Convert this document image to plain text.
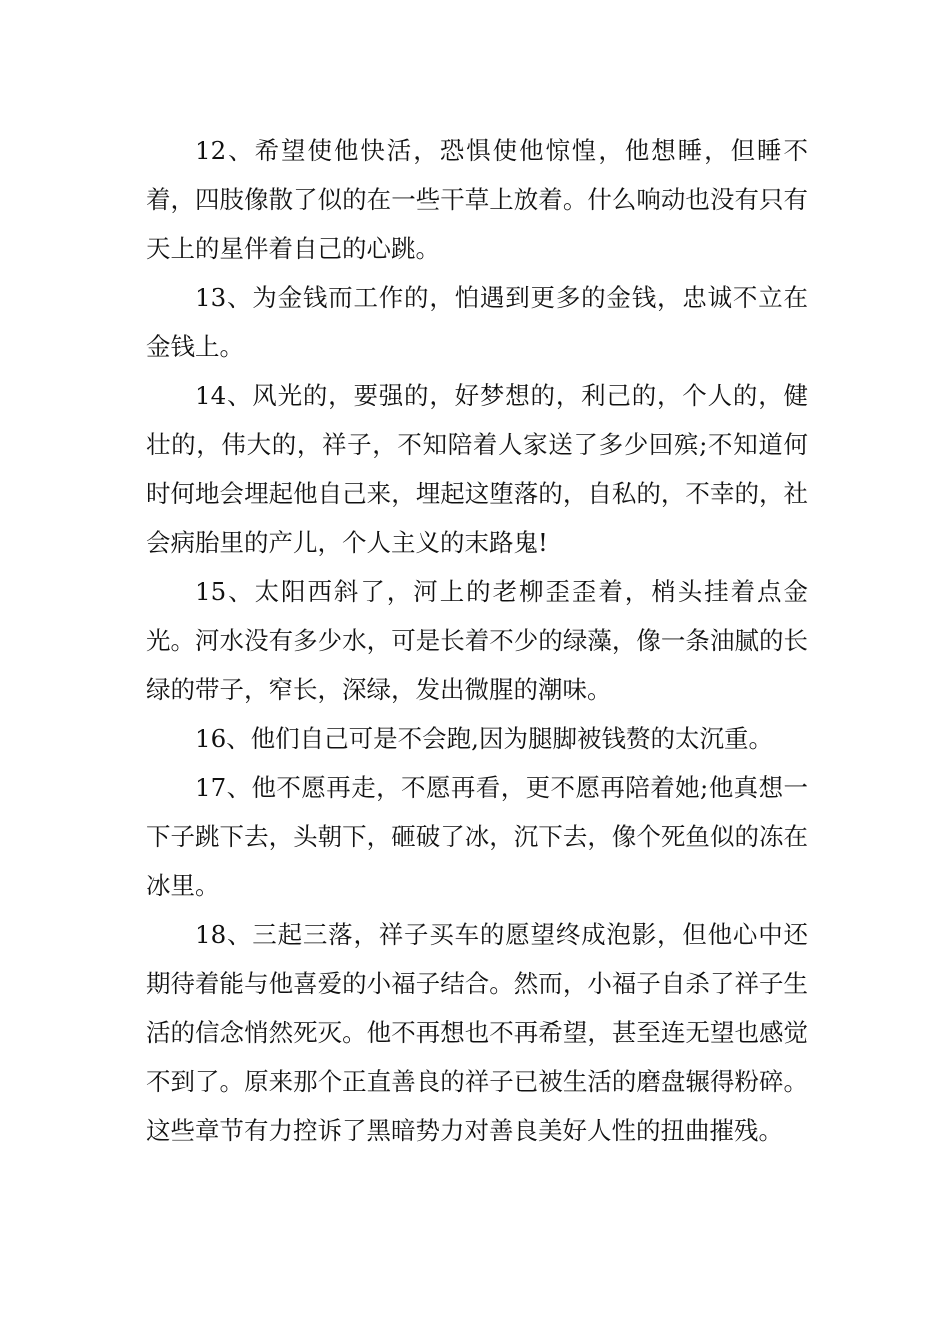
12、希望使他快活，恐惧使他惊惶，他想睡，但睡不着，四肢像散了似的在一些干草上放着。什么响动也没有只有天上的星伴着自己的心跳。

13、为金钱而工作的，怕遇到更多的金钱，忠诚不立在金钱上。

14、风光的，要强的，好梦想的，利己的，个人的，健壮的，伟大的，祥子，不知陪着人家送了多少回殡;不知道何时何地会埋起他自己来，埋起这堕落的，自私的，不幸的，社会病胎里的产儿，个人主义的末路鬼!

15、太阳西斜了，河上的老柳歪歪着，梢头挂着点金光。河水没有多少水，可是长着不少的绿藻，像一条油腻的长绿的带子，窄长，深绿，发出微腥的潮味。

16、他们自己可是不会跑,因为腿脚被钱赘的太沉重。

17、他不愿再走，不愿再看，更不愿再陪着她;他真想一下子跳下去，头朝下，砸破了冰，沉下去，像个死鱼似的冻在冰里。

18、三起三落，祥子买车的愿望终成泡影，但他心中还期待着能与他喜爱的小福子结合。然而，小福子自杀了祥子生活的信念悄然死灭。他不再想也不再希望，甚至连无望也感觉不到了。原来那个正直善良的祥子已被生活的磨盘辗得粉碎。这些章节有力控诉了黑暗势力对善良美好人性的扭曲摧残。
